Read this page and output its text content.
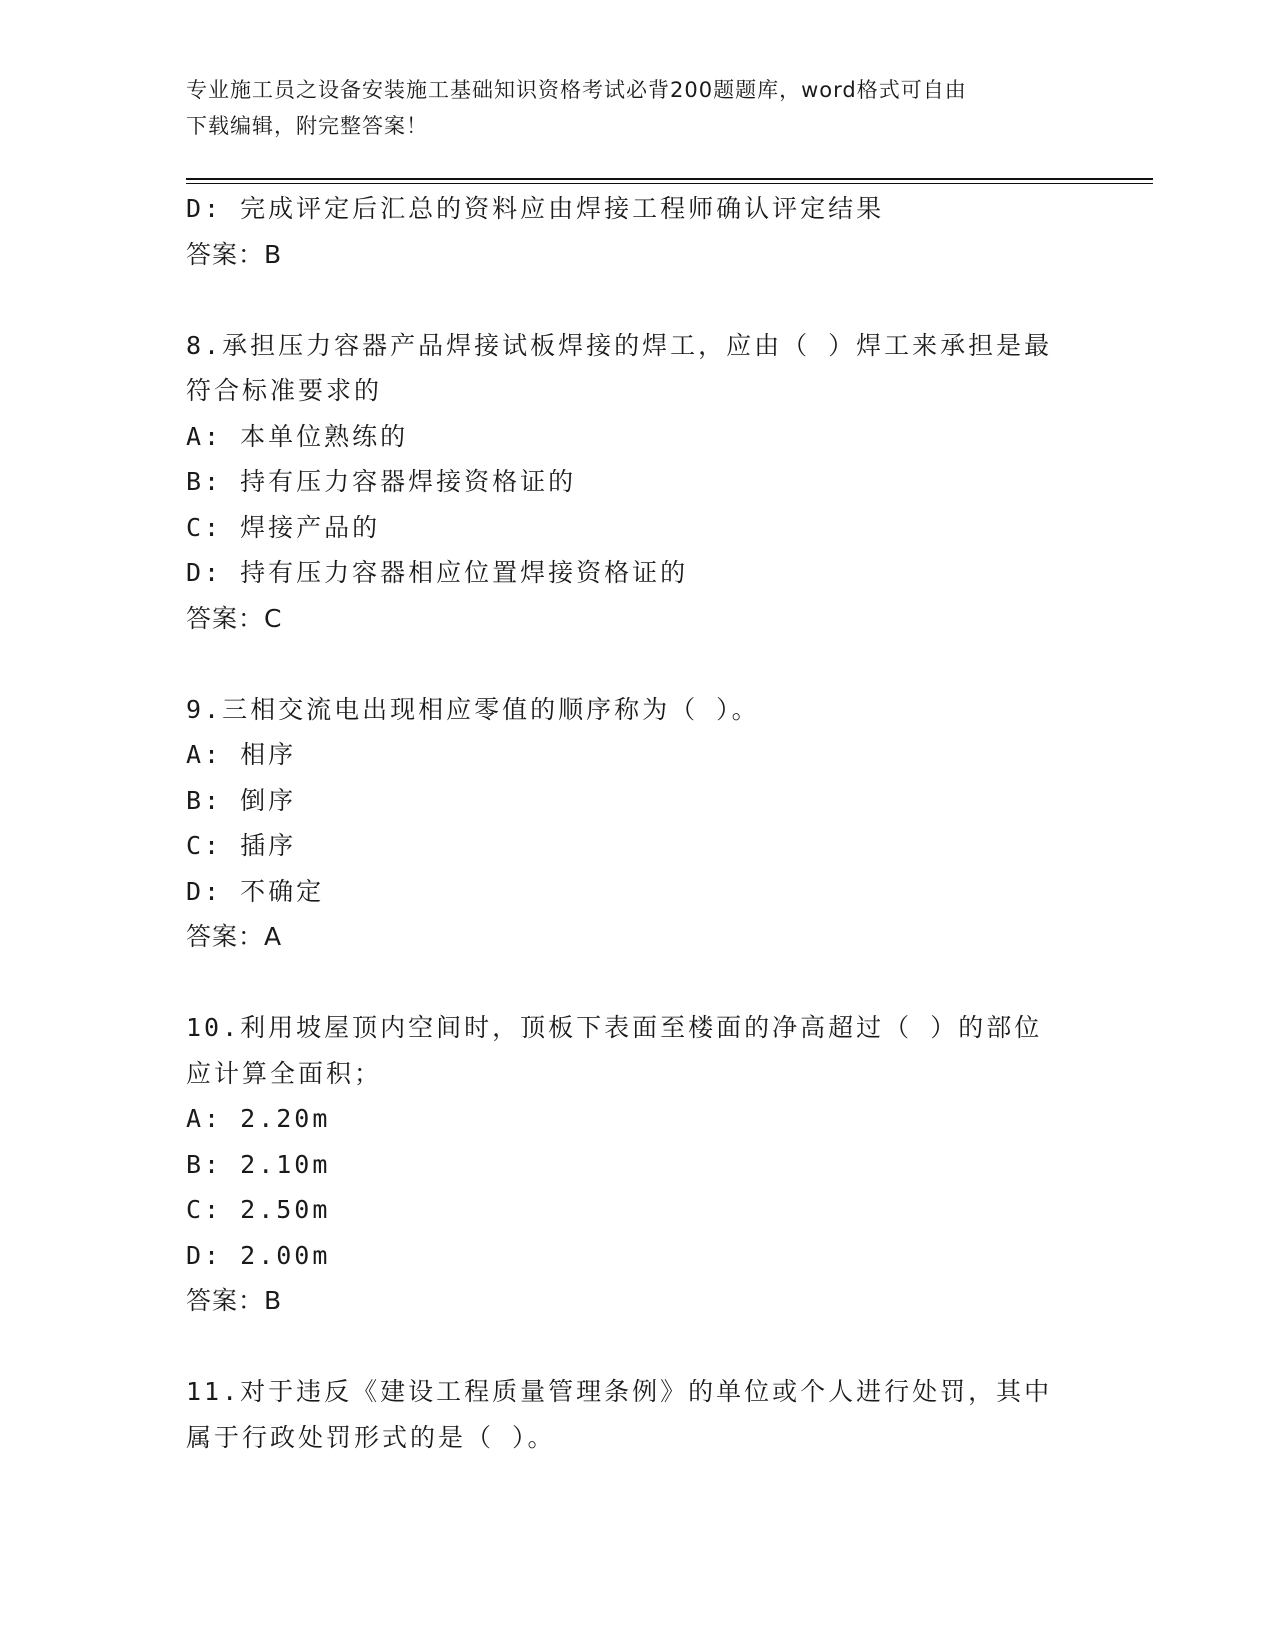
专业施工员之设备安装施工基础知识资格考试必背200题题库，word格式可自由
下载编辑，附完整答案！
D: 完成评定后汇总的资料应由焊接工程师确认评定结果
答案：B
8.承担压力容器产品焊接试板焊接的焊工，应由（ ）焊工来承担是最
符合标准要求的
A: 本单位熟练的
B: 持有压力容器焊接资格证的
C: 焊接产品的
D: 持有压力容器相应位置焊接资格证的
答案：C
9.三相交流电出现相应零值的顺序称为（ ）。
A: 相序
B: 倒序
C: 插序
D: 不确定
答案：A
10.利用坡屋顶内空间时，顶板下表面至楼面的净高超过（ ）的部位
应计算全面积；
A: 2.20m
B: 2.10m
C: 2.50m
D: 2.00m
答案：B
11.对于违反《建设工程质量管理条例》的单位或个人进行处罚，其中
属于行政处罚形式的是（ ）。
